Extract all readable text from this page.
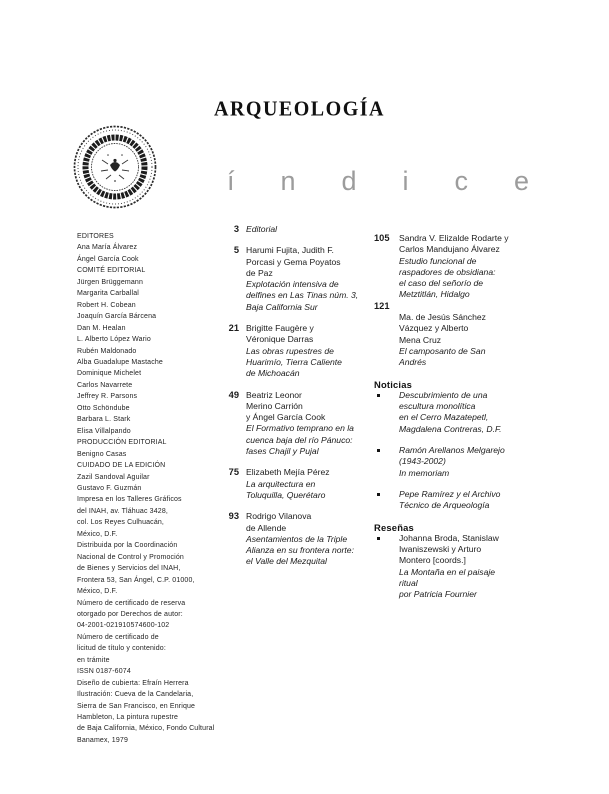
ARQUEOLOGÍA
índice
EDITORES
Ana María Álvarez
Ángel García Cook
COMITÉ EDITORIAL
Jürgen Brüggemann
Margarita Carballal
Robert H. Cobean
Joaquín García Bárcena
Dan M. Healan
L. Alberto López Wario
Rubén Maldonado
Alba Guadalupe Mastache
Dominique Michelet
Carlos Navarrete
Jeffrey R. Parsons
Otto Schöndube
Barbara L. Stark
Elisa Villalpando
PRODUCCIÓN EDITORIAL
Benigno Casas
CUIDADO DE LA EDICIÓN
Zazil Sandoval Aguilar
Gustavo F. Guzmán
Impresa en los Talleres Gráficos
del INAH, av. Tláhuac 3428,
col. Los Reyes Culhuacán,
México, D.F.
Distribuida por la Coordinación
Nacional de Control y Promoción
de Bienes y Servicios del INAH,
Frontera 53, San Ángel, C.P. 01000,
México, D.F.
Número de certificado de reserva
otorgado por Derechos de autor:
04-2001-021910574600-102
Número de certificado de
licitud de título y contenido:
en trámite
ISSN 0187-6074
Diseño de cubierta: Efraín Herrera
Ilustración: Cueva de la Candelaria,
Sierra de San Francisco, en Enrique
Hambleton, La pintura rupestre
de Baja California, México, Fondo Cultural
Banamex, 1979
3 Editorial
5 Harumi Fujita, Judith F.
Porcasi y Gema Poyatos
de Paz
Explotación intensiva de
delfines en Las Tinas núm. 3,
Baja California Sur
21 Brigitte Faugère y
Véronique Darras
Las obras rupestres de
Huarimío, Tierra Caliente
de Michoacán
49 Beatriz Leonor
Merino Carrión
y Ángel García Cook
El Formativo temprano en la
cuenca baja del río Pánuco:
fases Chajil y Pujal
75 Elizabeth Mejía Pérez
La arquitectura en
Toluquilla, Querétaro
93 Rodrigo Vilanova
de Allende
Asentamientos de la Triple
Alianza en su frontera norte:
el Valle del Mezquital
105	Sandra V. Elizalde Rodarte y
Carlos Mandujano Álvarez
Estudio funcional de
raspadores de obsidiana:
el caso del señorío de
Metztitlán, Hidalgo
121
Ma. de Jesús Sánchez
Vázquez y Alberto
Mena Cruz
El camposanto de San
Andrés
Noticias
Descubrimiento de una
escultura monolítica
en el Cerro Mazatepetl,
Magdalena Contreras, D.F.
Ramón Arellanos Melgarejo
(1943-2002)
In memoriam
Pepe Ramírez y el Archivo
Técnico de Arqueología
Reseñas
Johanna Broda, Stanislaw
Iwaniszewski y Arturo
Montero [coords.]
La Montaña en el paisaje
ritual
por Patricia Fournier
